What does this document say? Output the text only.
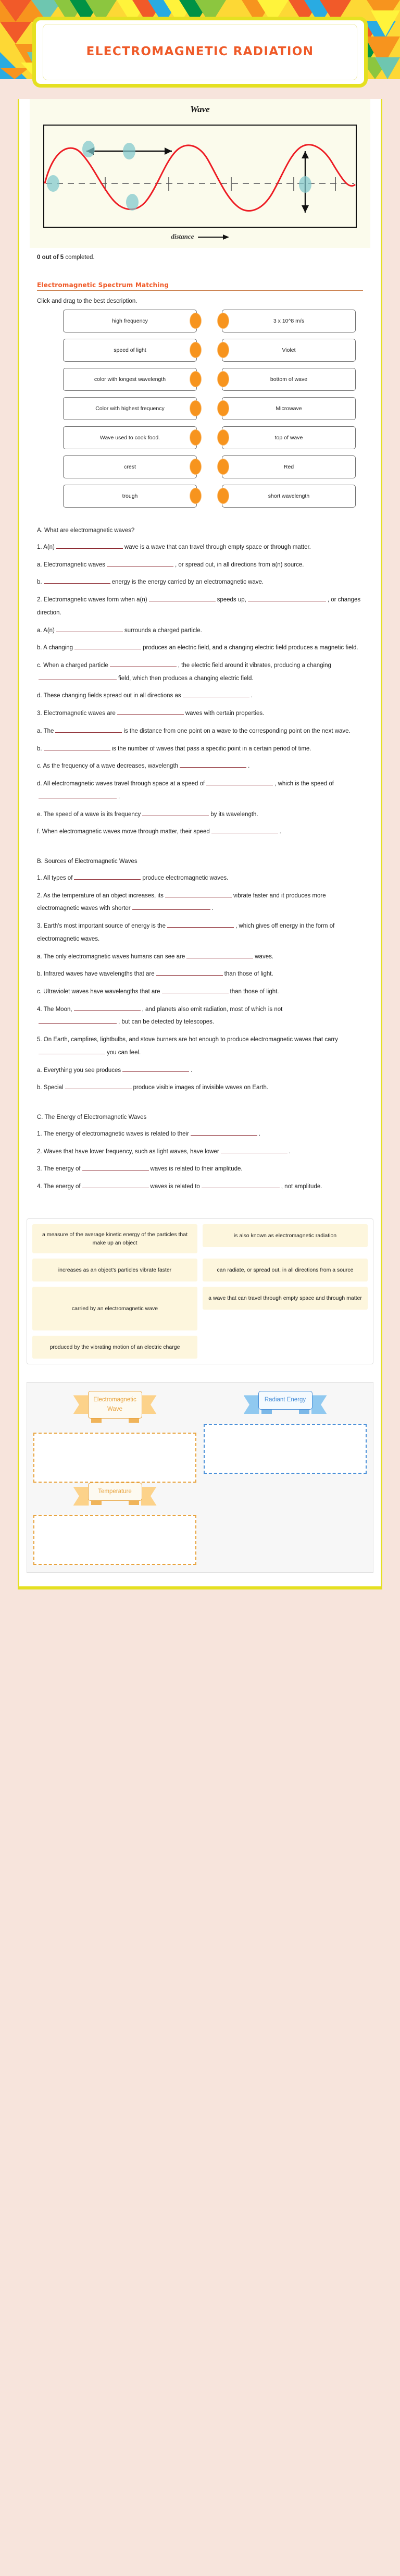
ELECTROMAGNETIC RADIATION
Wave
distance
0 out of 5 completed.
Electromagnetic Spectrum Matching
Click and drag to the best description.
high frequency	3 x 10^8 m/s
speed of light	Violet
color with longest wavelength	bottom of wave
Color with highest frequency	Microwave
Wave used to cook food.	top of wave
crest	Red
trough	short wavelength
A. What are electromagnetic waves?
1. A(n)	wave is a wave that can travel through empty space or through matter.
a. Electromagnetic waves	, or spread out, in all directions from a(n) source.
b.	energy is the energy carried by an electromagnetic wave.
2. Electromagnetic waves form when a(n)	speeds up,	, or changes direction.
a. A(n)	surrounds a charged particle.
b. A changing	produces an electric field, and a changing electric field produces a magnetic field.
c. When a charged particle	, the electric field around it vibrates, producing a changingfield, which then produces a changing electric field.
d. These changing fields spread out in all directions as	.
3. Electromagnetic waves are	waves with certain properties.
a. The	is the distance from one point on a wave to the corresponding point on the next wave.
b.	is the number of waves that pass a specific point in a certain period of time.
c. As the frequency of a wave decreases, wavelength	.
d. All electromagnetic waves travel through space at a speed of	, which is the speed of.
e. The speed of a wave is its frequency	by its wavelength.
f. When electromagnetic waves move through matter, their speed	.
B. Sources of Electromagnetic Waves
1. All types of	produce electromagnetic waves.
2. As the temperature of an object increases, its	vibrate faster and it produces more electromagnetic waves with shorter	.
3. Earth's most important source of energy is the	, which gives off energy in the form of electromagnetic waves.
a. The only electromagnetic waves humans can see are	waves.
b. Infrared waves have wavelengths that are	than those of light.
c. Ultraviolet waves have wavelengths that are	than those of light.
4. The Moon,	, and planets also emit radiation, most of which is not, but can be detected by telescopes.
5. On Earth, campfires, lightbulbs, and stove burners are hot enough to produce electromagnetic waves that carryyou can feel.
a. Everything you see produces	.
b. Special	produce visible images of invisible waves on Earth.
C. The Energy of Electromagnetic Waves
1. The energy of electromagnetic waves is related to their	.
2. Waves that have lower frequency, such as light waves, have lower	.
3. The energy of	waves is related to their amplitude.
4. The energy of	waves is related to	, not amplitude.
a measure of the average kinetic energy of the particles that make up an object
is also known as electromagnetic radiation
increases as an object's particles vibrate faster	can radiate, or spread out, in all directions from a source
carried by an electromagnetic wave
a wave that can travel through empty space and through matter
produced by the vibrating motion of an electric charge
Electromagnetic Wave
Radiant Energy
Temperature
